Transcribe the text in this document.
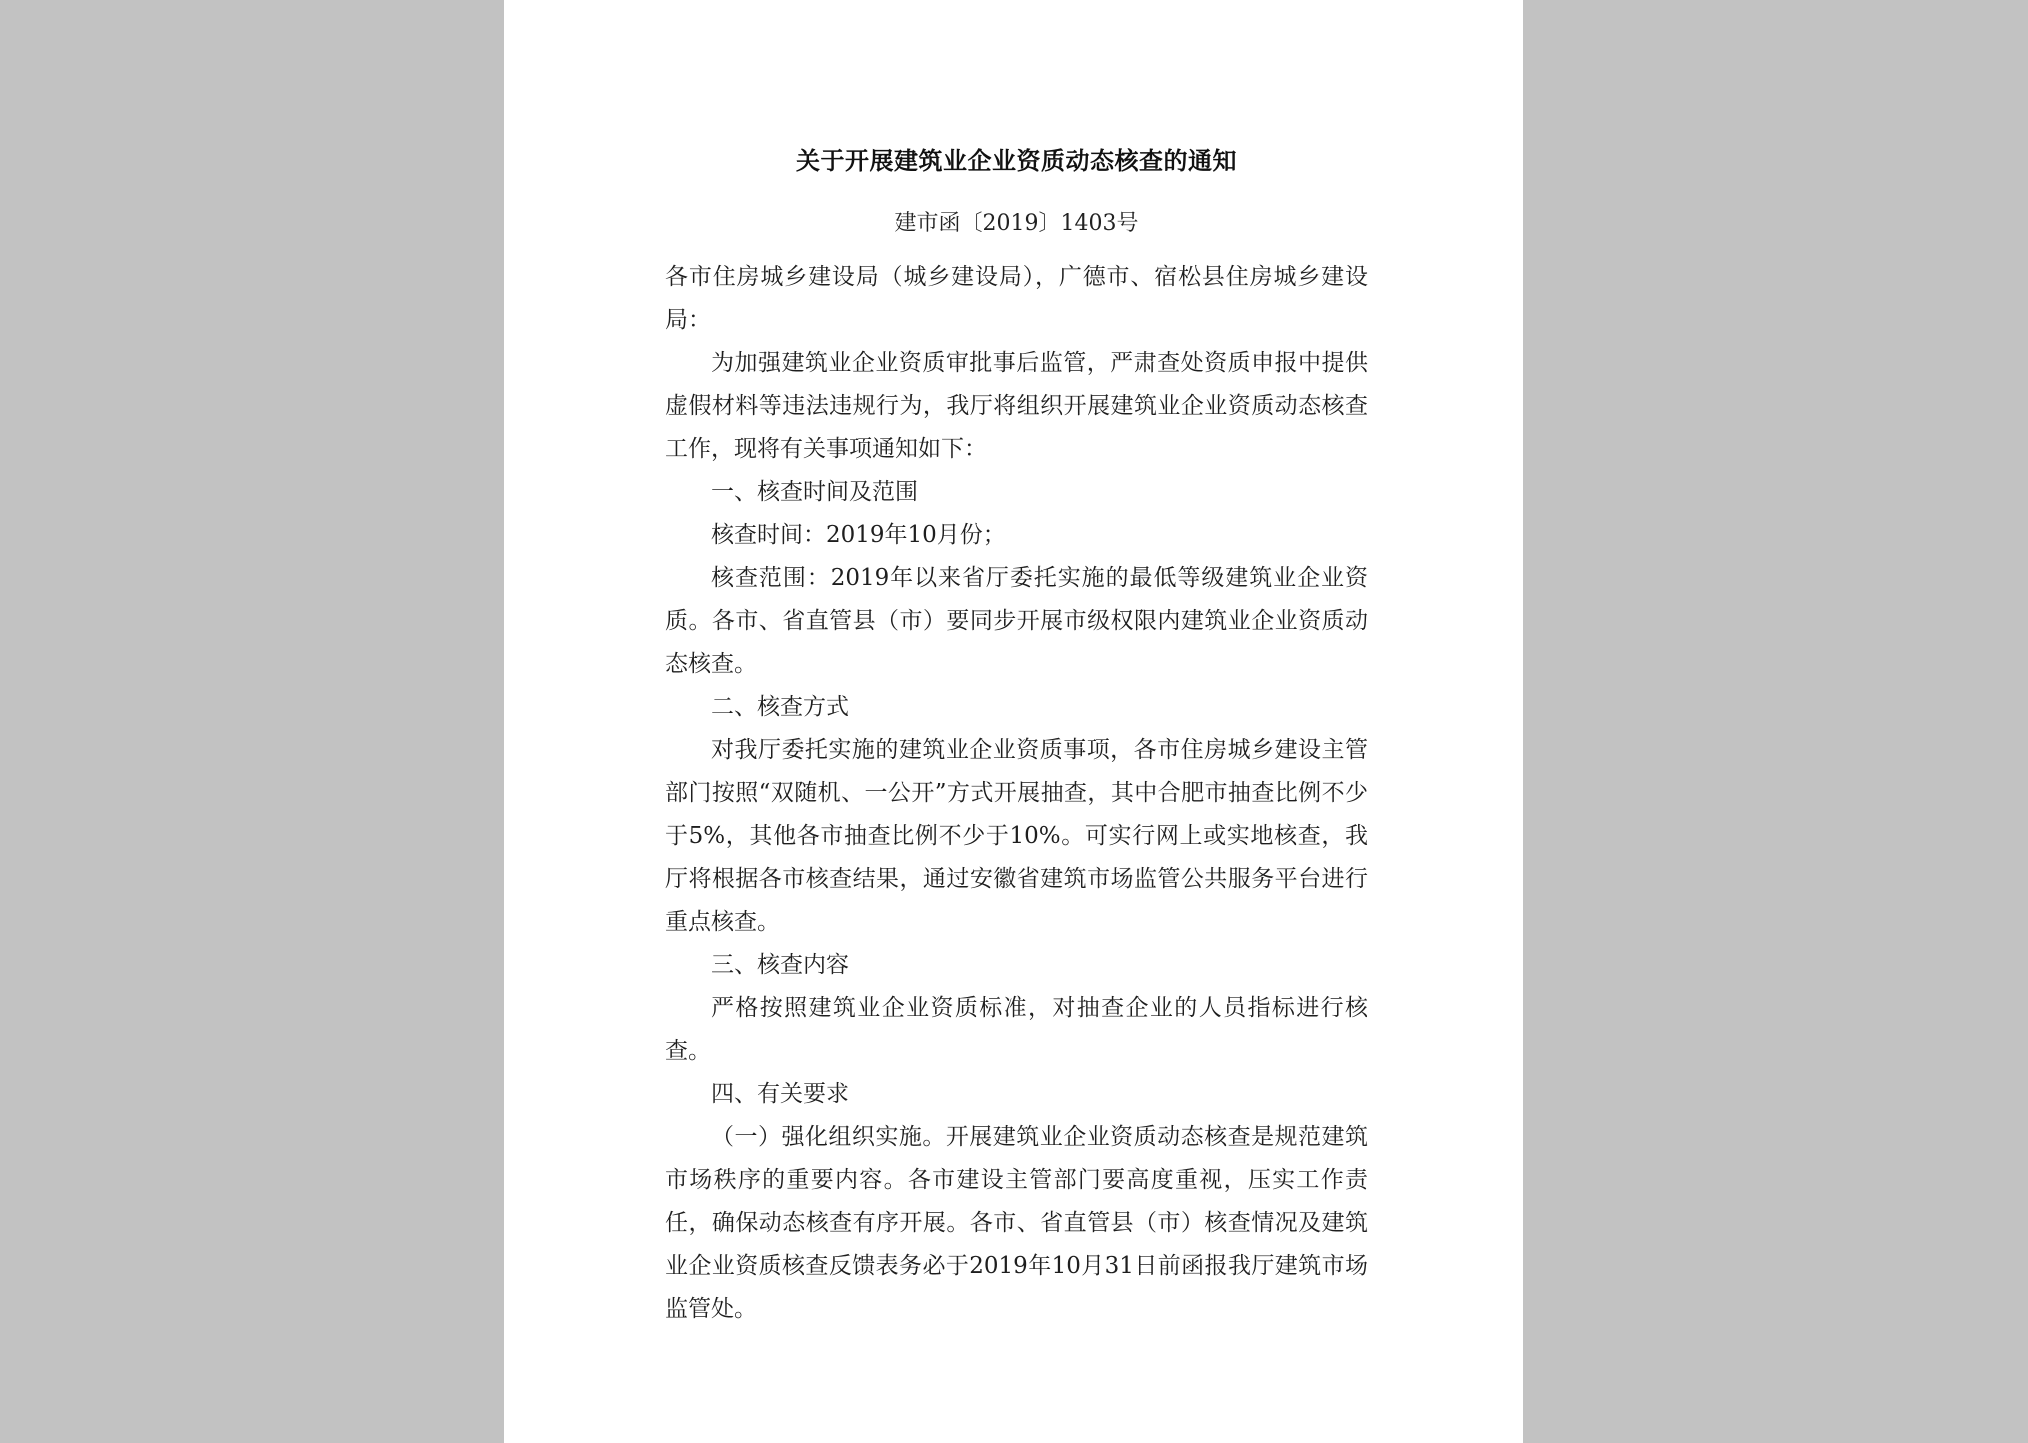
关于开展建筑业企业资质动态核查的通知
建市函〔2019〕1403号

各市住房城乡建设局（城乡建设局），广德市、宿松县住房城乡建设局：

为加强建筑业企业资质审批事后监管，严肃查处资质申报中提供虚假材料等违法违规行为，我厅将组织开展建筑业企业资质动态核查工作，现将有关事项通知如下：

一、核查时间及范围

核查时间：2019年10月份；

核查范围：2019年以来省厅委托实施的最低等级建筑业企业资质。各市、省直管县（市）要同步开展市级权限内建筑业企业资质动态核查。

二、核查方式

对我厅委托实施的建筑业企业资质事项，各市住房城乡建设主管部门按照“双随机、一公开”方式开展抽查，其中合肥市抽查比例不少于5%，其他各市抽查比例不少于10%。可实行网上或实地核查，我厅将根据各市核查结果，通过安徽省建筑市场监管公共服务平台进行重点核查。

三、核查内容

严格按照建筑业企业资质标准，对抽查企业的人员指标进行核查。

四、有关要求

（一）强化组织实施。开展建筑业企业资质动态核查是规范建筑市场秩序的重要内容。各市建设主管部门要高度重视，压实工作责任，确保动态核查有序开展。各市、省直管县（市）核查情况及建筑业企业资质核查反馈表务必于2019年10月31日前函报我厅建筑市场监管处。
